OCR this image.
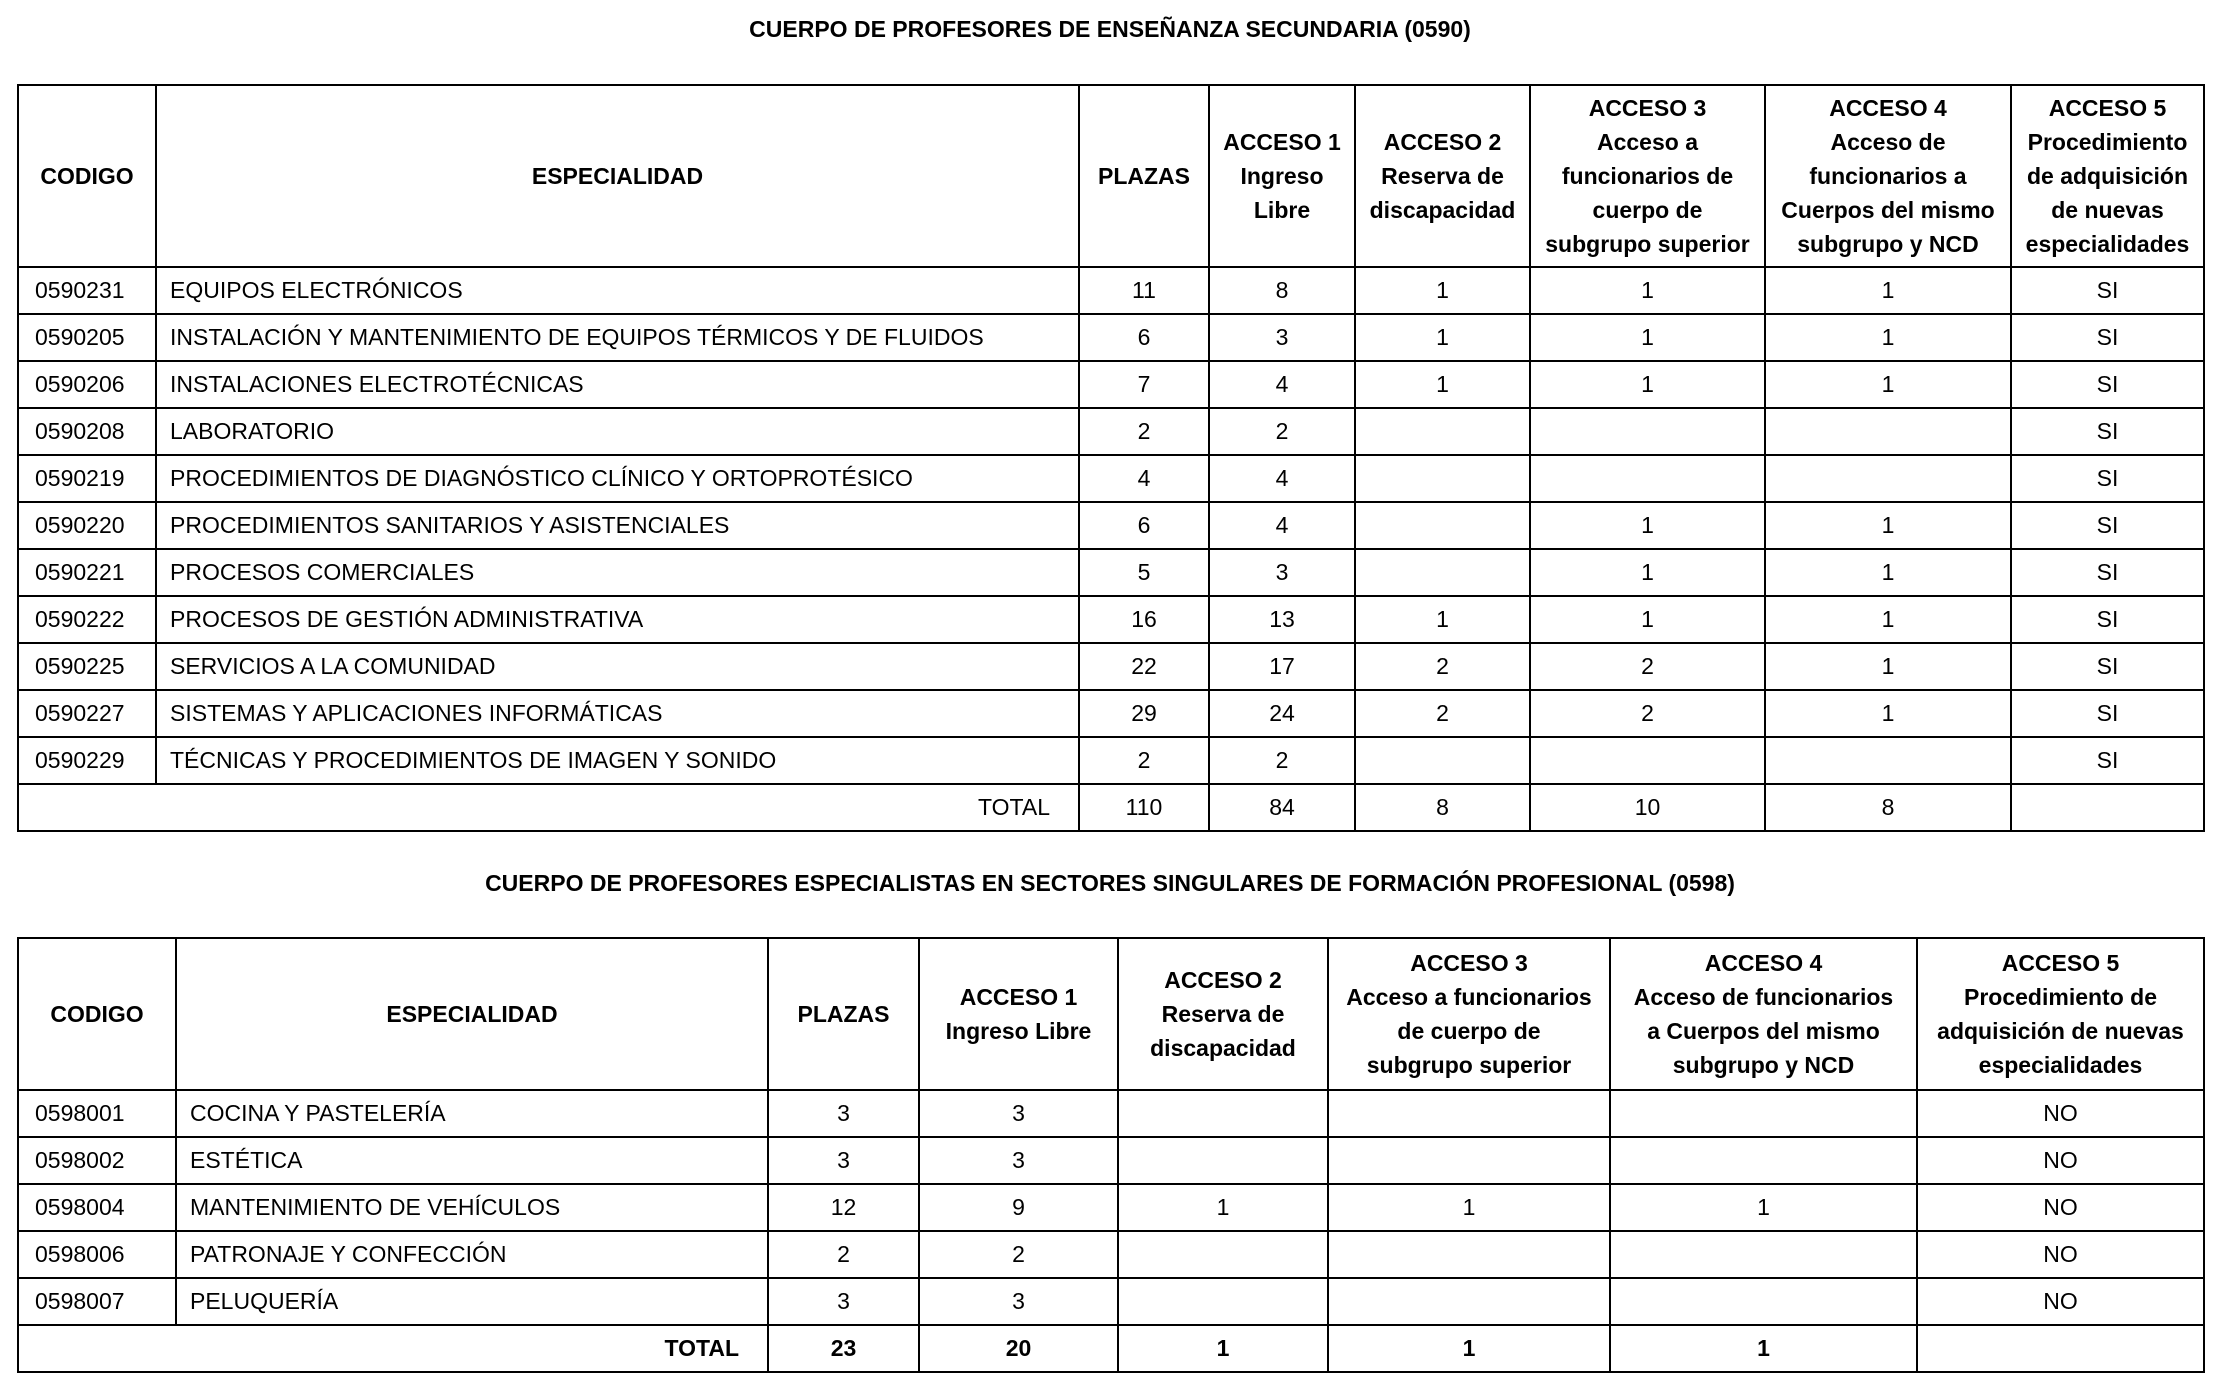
CUERPO DE PROFESORES DE ENSEÑANZA SECUNDARIA (0590)
CODIGO	ESPECIALIDAD	PLAZAS	ACCESO 1
Ingreso
Libre	ACCESO 2
Reserva de
discapacidad	ACCESO 3
Acceso a
funcionarios de
cuerpo de
subgrupo superior	ACCESO 4
Acceso de
funcionarios a
Cuerpos del mismo
subgrupo y NCD	ACCESO 5
Procedimiento
de adquisición
de nuevas
especialidades

0590231	EQUIPOS ELECTRÓNICOS	11	8	1	1	1	SI
0590205	INSTALACIÓN Y MANTENIMIENTO DE EQUIPOS TÉRMICOS Y DE FLUIDOS	6	3	1	1	1	SI
0590206	INSTALACIONES ELECTROTÉCNICAS	7	4	1	1	1	SI
0590208	LABORATORIO	2	2				SI
0590219	PROCEDIMIENTOS DE DIAGNÓSTICO CLÍNICO Y ORTOPROTÉSICO	4	4				SI
0590220	PROCEDIMIENTOS SANITARIOS Y ASISTENCIALES	6	4		1	1	SI
0590221	PROCESOS COMERCIALES	5	3		1	1	SI
0590222	PROCESOS DE GESTIÓN ADMINISTRATIVA	16	13	1	1	1	SI
0590225	SERVICIOS A LA COMUNIDAD	22	17	2	2	1	SI
0590227	SISTEMAS Y APLICACIONES INFORMÁTICAS	29	24	2	2	1	SI
0590229	TÉCNICAS Y PROCEDIMIENTOS DE IMAGEN Y SONIDO	2	2				SI
TOTAL		110	84	8	10	8	
CUERPO DE PROFESORES ESPECIALISTAS EN SECTORES SINGULARES DE FORMACIÓN PROFESIONAL (0598)
CODIGO	ESPECIALIDAD	PLAZAS	ACCESO 1
Ingreso Libre	ACCESO 2
Reserva de
discapacidad	ACCESO 3
Acceso a funcionarios
de cuerpo de
subgrupo superior	ACCESO 4
Acceso de funcionarios
a Cuerpos del mismo
subgrupo y NCD	ACCESO 5
Procedimiento de
adquisición de nuevas
especialidades

0598001	COCINA Y PASTELERÍA	3	3				NO
0598002	ESTÉTICA	3	3				NO
0598004	MANTENIMIENTO DE VEHÍCULOS	12	9	1	1	1	NO
0598006	PATRONAJE Y CONFECCIÓN	2	2				NO
0598007	PELUQUERÍA	3	3				NO
TOTAL		23	20	1	1	1	
